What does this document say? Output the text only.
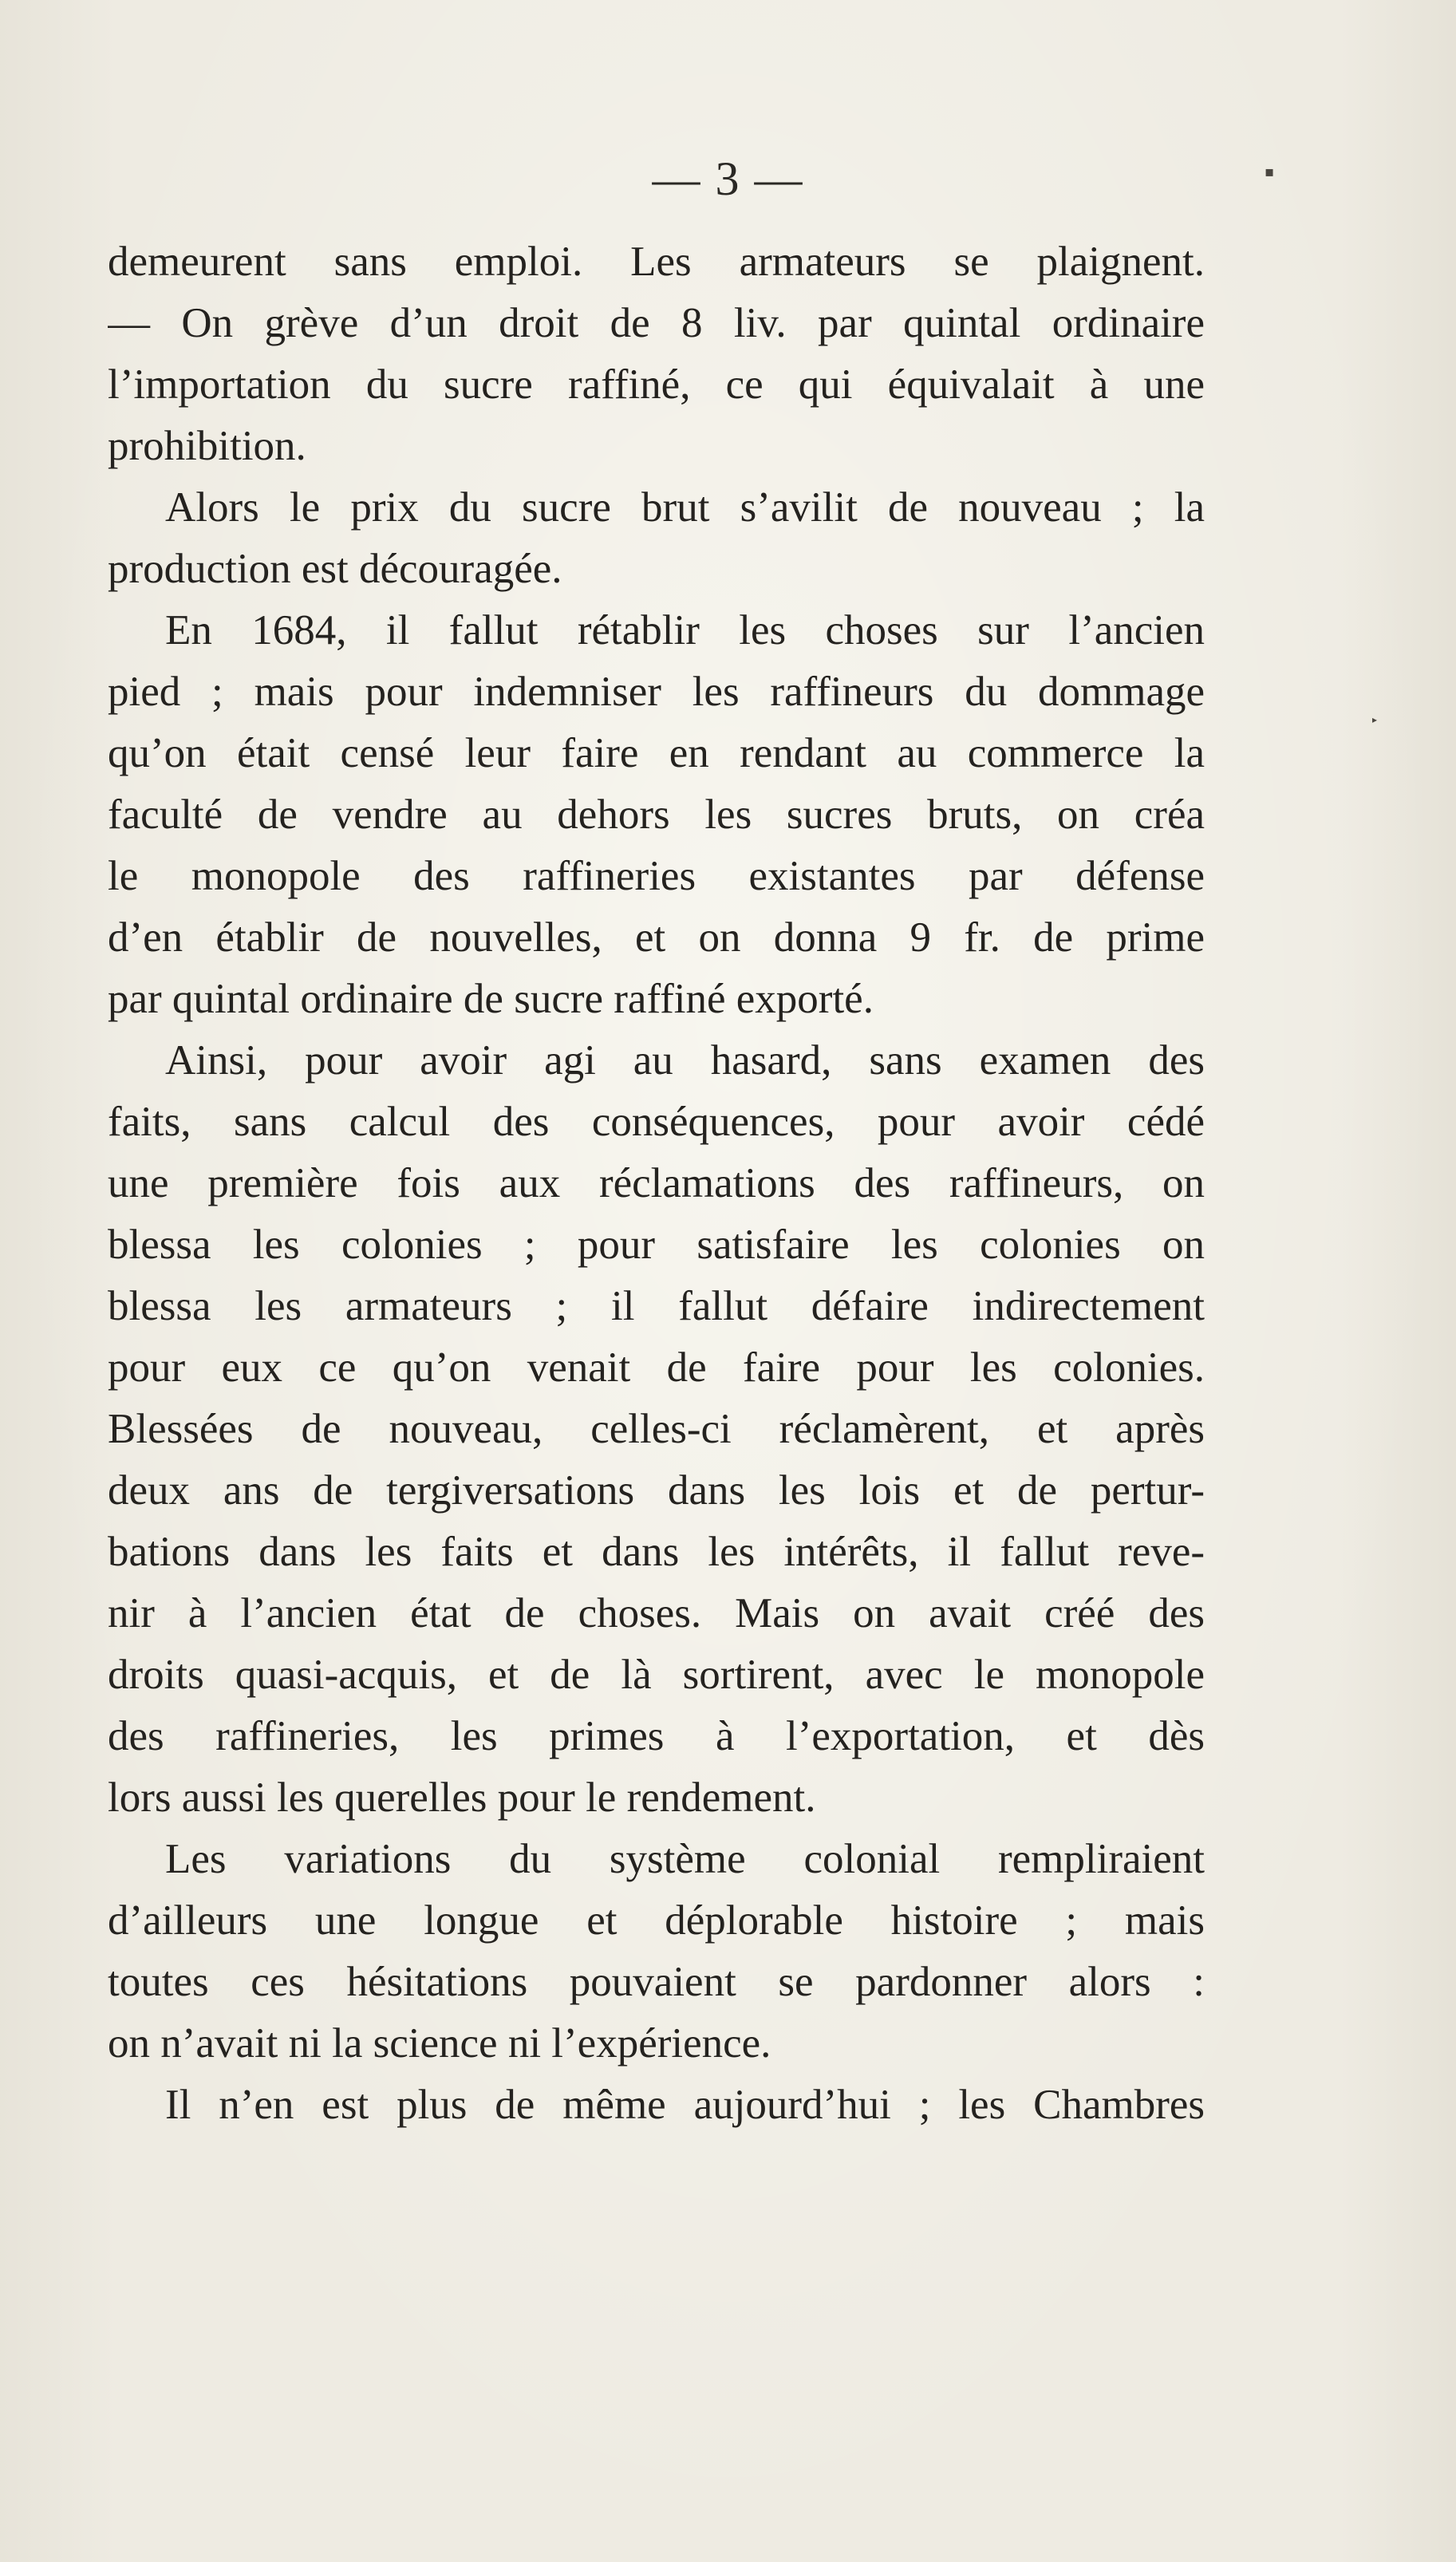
— 3 —
demeurent sans emploi. Les armateurs se plaignent.
— On grève d’un droit de 8 liv. par quintal ordinaire
l’importation du sucre raffiné, ce qui équivalait à une
prohibition.
Alors le prix du sucre brut s’avilit de nouveau ; la
production est découragée.
En 1684, il fallut rétablir les choses sur l’ancien
pied ; mais pour indemniser les raffineurs du dommage
qu’on était censé leur faire en rendant au commerce la
faculté de vendre au dehors les sucres bruts, on créa
le monopole des raffineries existantes par défense
d’en établir de nouvelles, et on donna 9 fr. de prime
par quintal ordinaire de sucre raffiné exporté.
Ainsi, pour avoir agi au hasard, sans examen des
faits, sans calcul des conséquences, pour avoir cédé
une première fois aux réclamations des raffineurs, on
blessa les colonies ; pour satisfaire les colonies on
blessa les armateurs ; il fallut défaire indirectement
pour eux ce qu’on venait de faire pour les colonies.
Blessées de nouveau, celles-ci réclamèrent, et après
deux ans de tergiversations dans les lois et de pertur-
bations dans les faits et dans les intérêts, il fallut reve-
nir à l’ancien état de choses. Mais on avait créé des
droits quasi-acquis, et de là sortirent, avec le monopole
des raffineries, les primes à l’exportation, et dès
lors aussi les querelles pour le rendement.
Les variations du système colonial rempliraient
d’ailleurs une longue et déplorable histoire ; mais
toutes ces hésitations pouvaient se pardonner alors :
on n’avait ni la science ni l’expérience.
Il n’en est plus de même aujourd’hui ; les Chambres
▪
▸
